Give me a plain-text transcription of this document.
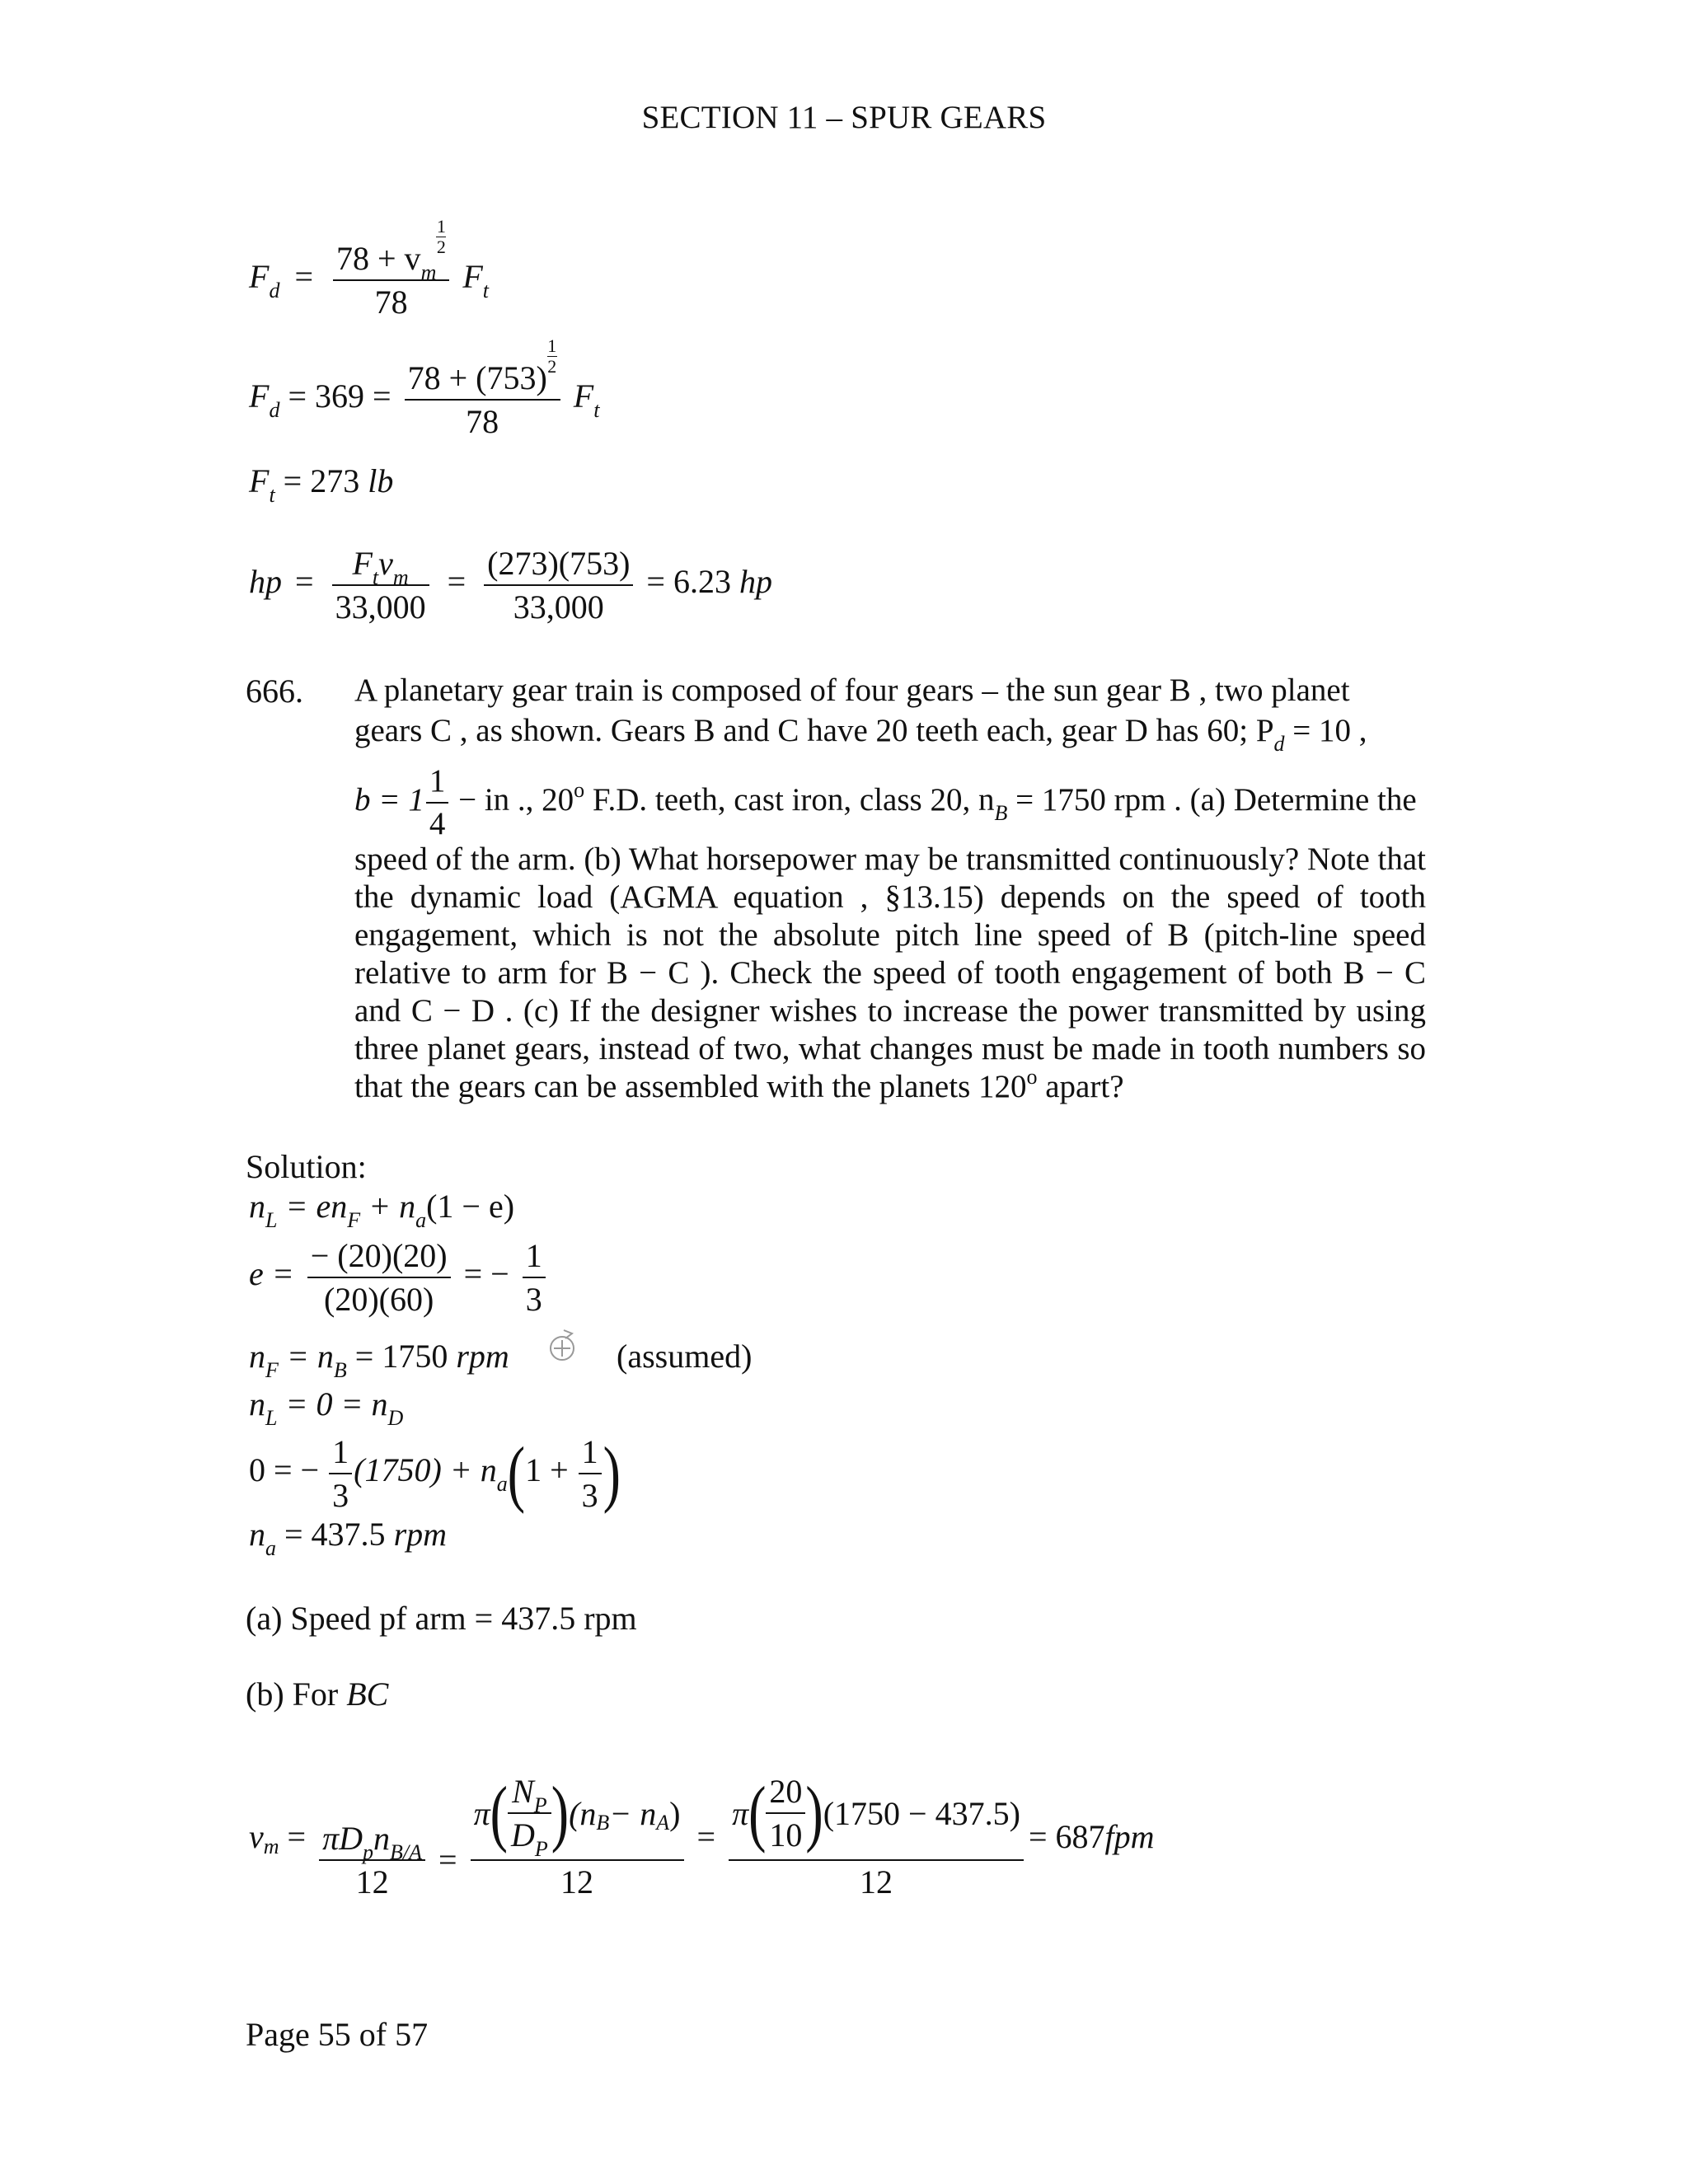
SECTION 11 – SPUR GEARS
$F_d = 78 + v_m$
$\frac{1}{2}$
78 $F_t$
$F_d = 369 = 78 + (753)$
$\frac{1}{2}$
78 $F_t$
$F_t = 273$ lb
hp = $\frac{F_tv_m}{33,000} = \frac{(273)(753)}{33,000} = 6.23$ hp
666. A planetary gear train is composed of four gears – the sun gear B , two planet
gears C , as shown. Gears B and C have 20 teeth each, gear D has 60; $P_d = 10$ ,
$b = 1 \frac{1}{4}$ − in ., 20$^o$ F.D. teeth, cast iron, class 20, $n_B = 1750$ rpm . (a) Determine the
speed of the arm. (b) What horsepower may be transmitted continuously? Note that the dynamic load (AGMA equation , §13.15) depends on the speed of tooth engagement, which is not the absolute pitch line speed of B (pitch-line speed relative to arm for B − C ). Check the speed of tooth engagement of both B − C and C − D . (c) If the designer wishes to increase the power transmitted by using three planet gears, instead of two, what changes must be made in tooth numbers so that the gears can be assembled with the planets 120$^o$ apart?
Solution:
$n_L = en_F + n_a(1 - e)$
$e = \frac{- (20)(20)}{(20)(60)}$ = − $\frac{1}{3}$
$n_F = n_B = 1750$ rpm	(assumed)
$n_L = 0 = n_D$
0 = − $\frac{1}{3} (1750) + n_a(1 + \frac{1}{3}$ )
$n_a = 437.5$ rpm
(a) Speed pf arm = 437.5 rpm
(b) For BC
v $m = \frac{\pi D_pn_{B/A}}{12} = \frac{\pi ( \frac{N_P}{D_P} ) (n B - n A )}{12} = \frac{\pi ( \frac{20}{10} ) (1750 - 437.5)}{12} = 687$ fpm
Page 55 of 57
